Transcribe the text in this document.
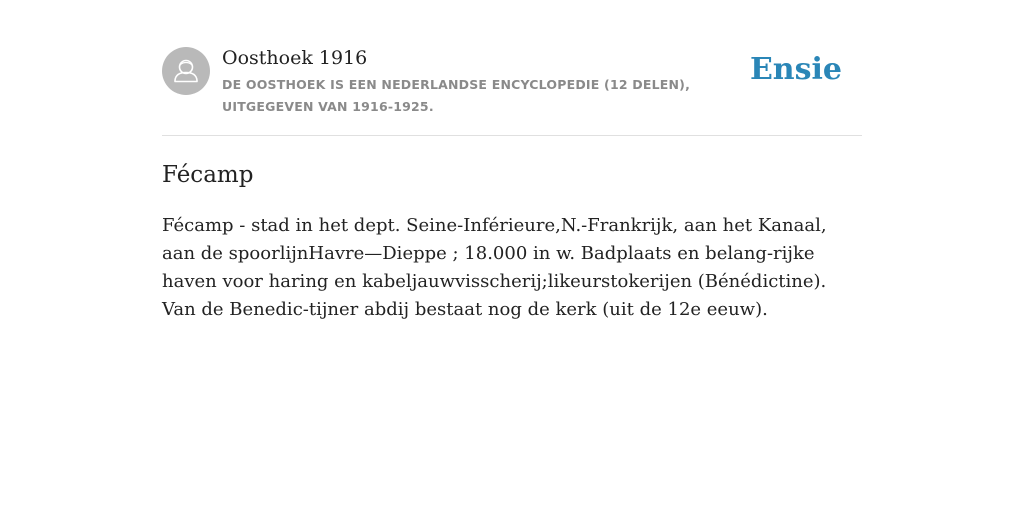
Oosthoek 1916
DE OOSTHOEK IS EEN NEDERLANDSE ENCYCLOPEDIE (12 DELEN), UITGEGEVEN VAN 1916-1925.
Ensie
Fécamp

Fécamp - stad in het dept. Seine-Inférieure,N.-Frankrijk, aan het Kanaal, aan de spoorlijnHavre—Dieppe ; 18.000 in w. Badplaats en belang-rijke haven voor haring en kabeljauwvisscherij;likeurstokerijen (Bénédictine). Van de Benedic-tijner abdij bestaat nog de kerk (uit de 12e eeuw).
